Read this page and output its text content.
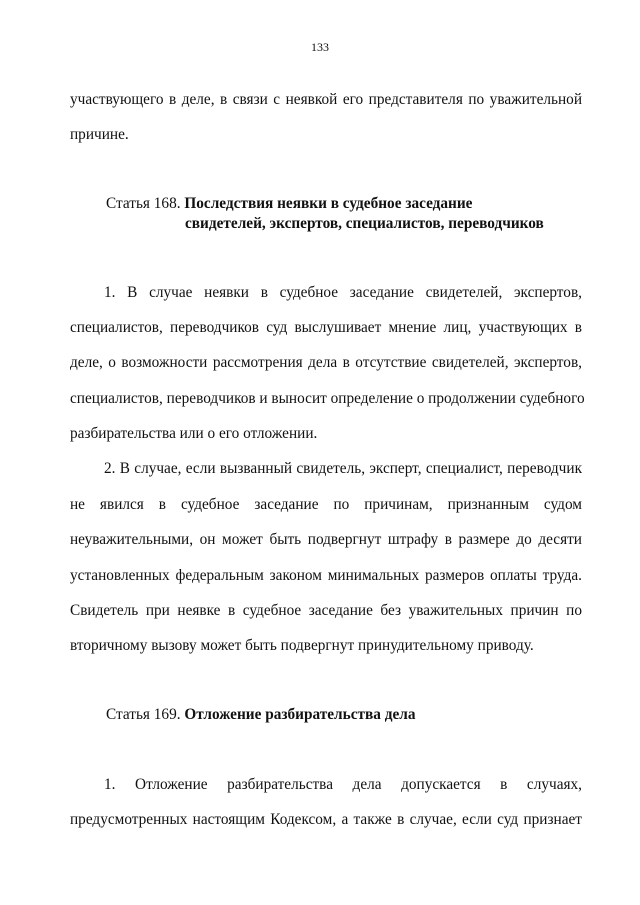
133
участвующего в деле, в связи с неявкой его представителя по уважительной
причине.
Статья 168. Последствия неявки в судебное заседание
свидетелей, экспертов, специалистов, переводчиков
1. В случае неявки в судебное заседание свидетелей, экспертов,
специалистов, переводчиков суд выслушивает мнение лиц, участвующих в
деле, о возможности рассмотрения дела в отсутствие свидетелей, экспертов,
специалистов, переводчиков и выносит определение о продолжении судебного
разбирательства или о его отложении.
2. В случае, если вызванный свидетель, эксперт, специалист, переводчик
не явился в судебное заседание по причинам, признанным судом
неуважительными, он может быть подвергнут штрафу в размере до десяти
установленных федеральным законом минимальных размеров оплаты труда.
Свидетель при неявке в судебное заседание без уважительных причин по
вторичному вызову может быть подвергнут принудительному приводу.
Статья 169. Отложение разбирательства дела
1. Отложение разбирательства дела допускается в случаях,
предусмотренных настоящим Кодексом, а также в случае, если суд признает
